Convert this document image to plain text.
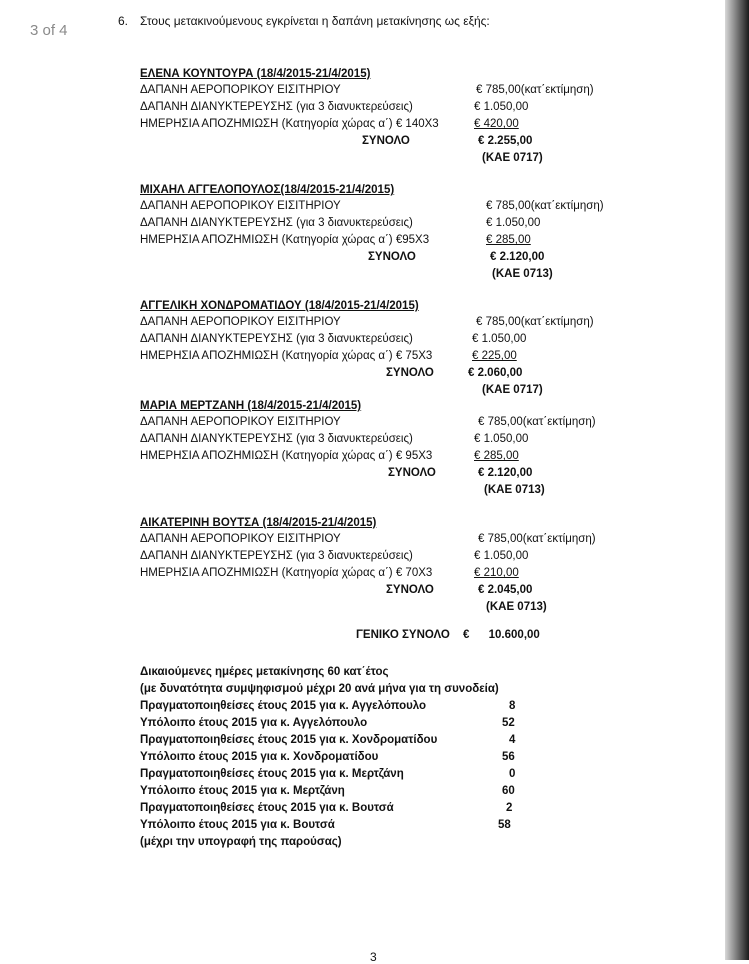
3 of 4
6. Στους μετακινούμενους εγκρίνεται η δαπάνη μετακίνησης ως εξής:
ΕΛΕΝΑ ΚΟΥΝΤΟΥΡΑ (18/4/2015-21/4/2015)
ΔΑΠΑΝΗ ΑΕΡΟΠΟΡΙΚΟΥ ΕΙΣΙΤΗΡΙΟΥ	€ 785,00(κατ΄εκτίμηση)
ΔΑΠΑΝΗ ΔΙΑΝΥΚΤΕΡΕΥΣΗΣ (για 3 διανυκτερεύσεις)	€ 1.050,00
ΗΜΕΡΗΣΙΑ ΑΠΟΖΗΜΙΩΣΗ (Κατηγορία χώρας α΄) € 140Χ3	€ 420,00
ΣΥΝΟΛΟ	€ 2.255,00
(ΚΑΕ 0717)
ΜΙΧΑΗΛ ΑΓΓΕΛΟΠΟΥΛΟΣ(18/4/2015-21/4/2015)
ΔΑΠΑΝΗ ΑΕΡΟΠΟΡΙΚΟΥ ΕΙΣΙΤΗΡΙΟΥ	€ 785,00(κατ΄εκτίμηση)
ΔΑΠΑΝΗ ΔΙΑΝΥΚΤΕΡΕΥΣΗΣ (για 3 διανυκτερεύσεις)	€ 1.050,00
ΗΜΕΡΗΣΙΑ ΑΠΟΖΗΜΙΩΣΗ (Κατηγορία χώρας α΄) €95Χ3	€ 285,00
ΣΥΝΟΛΟ	€ 2.120,00
(ΚΑΕ 0713)
ΑΓΓΕΛΙΚΗ ΧΟΝΔΡΟΜΑΤΙΔΟΥ (18/4/2015-21/4/2015)
ΔΑΠΑΝΗ ΑΕΡΟΠΟΡΙΚΟΥ ΕΙΣΙΤΗΡΙΟΥ	€ 785,00(κατ΄εκτίμηση)
ΔΑΠΑΝΗ ΔΙΑΝΥΚΤΕΡΕΥΣΗΣ (για 3 διανυκτερεύσεις)	€ 1.050,00
ΗΜΕΡΗΣΙΑ ΑΠΟΖΗΜΙΩΣΗ (Κατηγορία χώρας α΄) € 75Χ3	€ 225,00
ΣΥΝΟΛΟ	€ 2.060,00
(ΚΑΕ 0717)
ΜΑΡΙΑ ΜΕΡΤΖΑΝΗ (18/4/2015-21/4/2015)
ΔΑΠΑΝΗ ΑΕΡΟΠΟΡΙΚΟΥ ΕΙΣΙΤΗΡΙΟΥ	€ 785,00(κατ΄εκτίμηση)
ΔΑΠΑΝΗ ΔΙΑΝΥΚΤΕΡΕΥΣΗΣ (για 3 διανυκτερεύσεις)	€ 1.050,00
ΗΜΕΡΗΣΙΑ ΑΠΟΖΗΜΙΩΣΗ (Κατηγορία χώρας α΄) € 95Χ3	€ 285,00
ΣΥΝΟΛΟ	€ 2.120,00
(ΚΑΕ 0713)
ΑΙΚΑΤΕΡΙΝΗ ΒΟΥΤΣΑ (18/4/2015-21/4/2015)
ΔΑΠΑΝΗ ΑΕΡΟΠΟΡΙΚΟΥ ΕΙΣΙΤΗΡΙΟΥ	€ 785,00(κατ΄εκτίμηση)
ΔΑΠΑΝΗ ΔΙΑΝΥΚΤΕΡΕΥΣΗΣ (για 3 διανυκτερεύσεις)	€ 1.050,00
ΗΜΕΡΗΣΙΑ ΑΠΟΖΗΜΙΩΣΗ (Κατηγορία χώρας α΄) € 70Χ3	€ 210,00
ΣΥΝΟΛΟ	€ 2.045,00
(ΚΑΕ 0713)
ΓΕΝΙΚΟ ΣΥΝΟΛΟ € 10.600,00
Δικαιούμενες ημέρες μετακίνησης 60 κατ΄έτος
(με δυνατότητα συμψηφισμού μέχρι 20 ανά μήνα για τη συνοδεία)
Πραγματοποιηθείσες έτους 2015 για κ. Αγγελόπουλο	8
Υπόλοιπο έτους 2015 για κ. Αγγελόπουλο	52
Πραγματοποιηθείσες έτους 2015 για κ. Χονδροματίδου	4
Υπόλοιπο έτους 2015 για κ. Χονδροματίδου	56
Πραγματοποιηθείσες έτους 2015 για κ. Μερτζάνη	0
Υπόλοιπο έτους 2015 για κ. Μερτζάνη	60
Πραγματοποιηθείσες έτους 2015 για κ. Βουτσά	2
Υπόλοιπο έτους 2015 για κ. Βουτσά	58
(μέχρι την υπογραφή της παρούσας)
3
